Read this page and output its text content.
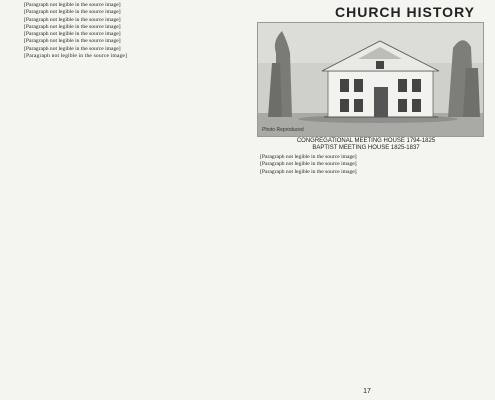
[Paragraph not legible in the source image]

[Paragraph not legible in the source image]

[Paragraph not legible in the source image]

[Paragraph not legible in the source image]

[Paragraph not legible in the source image]

[Paragraph not legible in the source image]

[Paragraph not legible in the source image]

[Paragraph not legible in the source image]

CHURCH HISTORY
Photo Reproduced
CONGREGATIONAL MEETING HOUSE 1794-1825
BAPTIST MEETING HOUSE 1825-1837

[Paragraph not legible in the source image]

[Paragraph not legible in the source image]

[Paragraph not legible in the source image]

17
